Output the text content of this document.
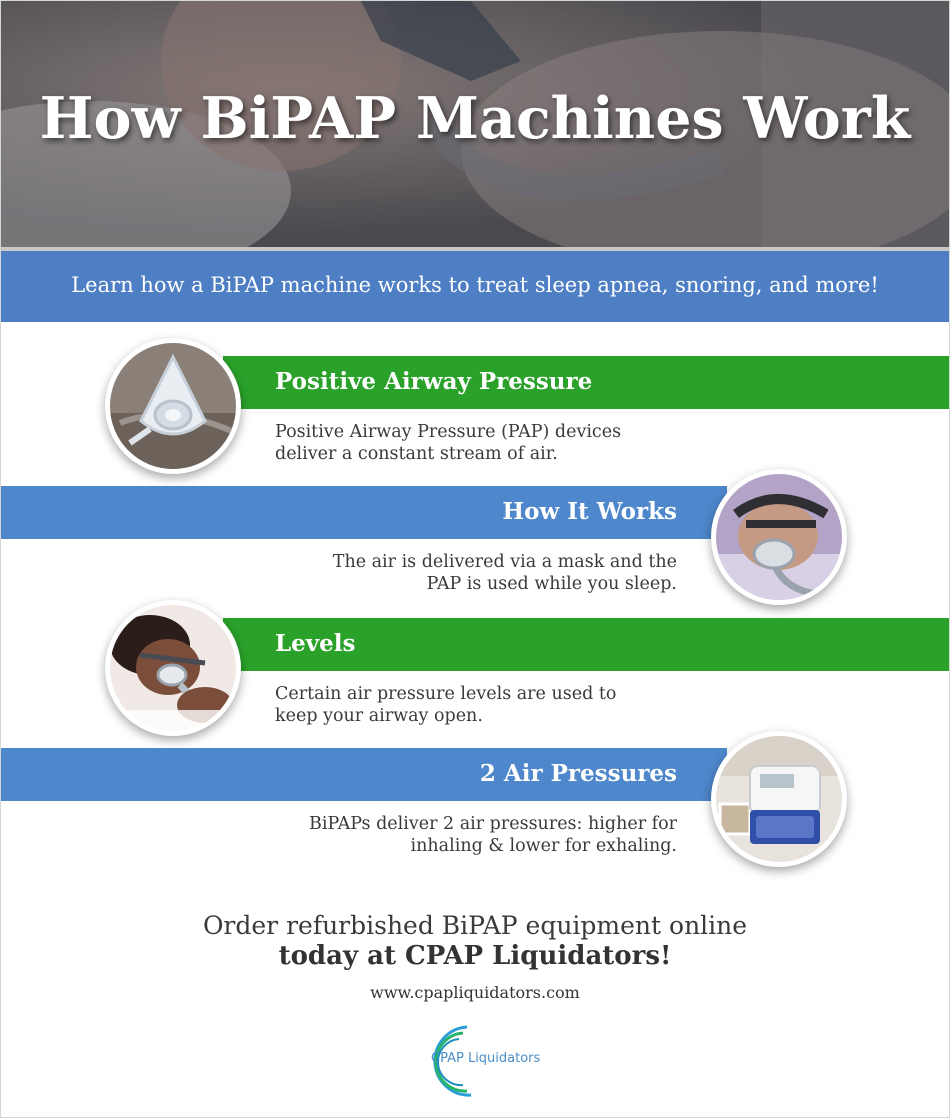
How BiPAP Machines Work
Learn how a BiPAP machine works to treat sleep apnea, snoring, and more!
Positive Airway Pressure
Positive Airway Pressure (PAP) devices
deliver a constant stream of air.
How It Works
The air is delivered via a mask and the
PAP is used while you sleep.
Levels
Certain air pressure levels are used to
keep your airway open.
2 Air Pressures
BiPAPs deliver 2 air pressures: higher for
inhaling & lower for exhaling.
Order refurbished BiPAP equipment online
today at CPAP Liquidators!
www.cpapliquidators.com
CPAP Liquidators
